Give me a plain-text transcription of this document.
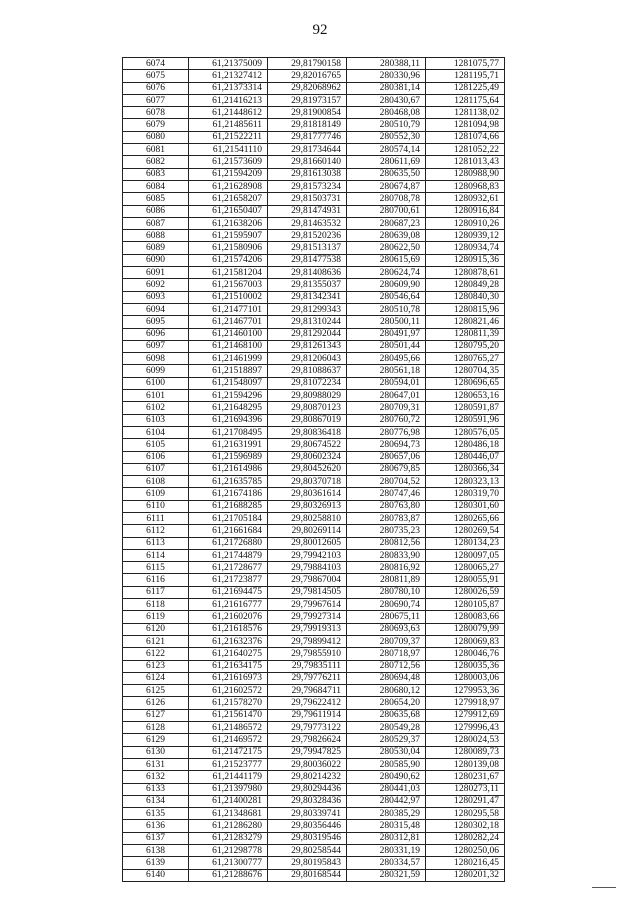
92
6074	61,21375009	29,81790158	280388,11	1281075,77
6075	61,21327412	29,82016765	280330,96	1281195,71
6076	61,21373314	29,82068962	280381,14	1281225,49
6077	61,21416213	29,81973157	280430,67	1281175,64
6078	61,21448612	29,81900854	280468,08	1281138,02
6079	61,21485611	29,81818149	280510,79	1281094,98
6080	61,21522211	29,81777746	280552,30	1281074,66
6081	61,21541110	29,81734644	280574,14	1281052,22
6082	61,21573609	29,81660140	280611,69	1281013,43
6083	61,21594209	29,81613038	280635,50	1280988,90
6084	61,21628908	29,81573234	280674,87	1280968,83
6085	61,21658207	29,81503731	280708,78	1280932,61
6086	61,21650407	29,81474931	280700,61	1280916,84
6087	61,21638206	29,81463532	280687,23	1280910,26
6088	61,21595907	29,81520236	280639,08	1280939,12
6089	61,21580906	29,81513137	280622,50	1280934,74
6090	61,21574206	29,81477538	280615,69	1280915,36
6091	61,21581204	29,81408636	280624,74	1280878,61
6092	61,21567003	29,81355037	280609,90	1280849,28
6093	61,21510002	29,81342341	280546,64	1280840,30
6094	61,21477101	29,81299343	280510,78	1280815,96
6095	61,21467701	29,81310244	280500,11	1280821,46
6096	61,21460100	29,81292044	280491,97	1280811,39
6097	61,21468100	29,81261343	280501,44	1280795,20
6098	61,21461999	29,81206043	280495,66	1280765,27
6099	61,21518897	29,81088637	280561,18	1280704,35
6100	61,21548097	29,81072234	280594,01	1280696,65
6101	61,21594296	29,80988029	280647,01	1280653,16
6102	61,21648295	29,80870123	280709,31	1280591,87
6103	61,21694396	29,80867019	280760,72	1280591,96
6104	61,21708495	29,80836418	280776,98	1280576,05
6105	61,21631991	29,80674522	280694,73	1280486,18
6106	61,21596989	29,80602324	280657,06	1280446,07
6107	61,21614986	29,80452620	280679,85	1280366,34
6108	61,21635785	29,80370718	280704,52	1280323,13
6109	61,21674186	29,80361614	280747,46	1280319,70
6110	61,21688285	29,80326913	280763,80	1280301,60
6111	61,21705184	29,80258810	280783,87	1280265,66
6112	61,21661684	29,80269114	280735,23	1280269,54
6113	61,21726880	29,80012605	280812,56	1280134,23
6114	61,21744879	29,79942103	280833,90	1280097,05
6115	61,21728677	29,79884103	280816,92	1280065,27
6116	61,21723877	29,79867004	280811,89	1280055,91
6117	61,21694475	29,79814505	280780,10	1280026,59
6118	61,21616777	29,79967614	280690,74	1280105,87
6119	61,21602076	29,79927314	280675,11	1280083,66
6120	61,21618576	29,79919313	280693,63	1280079,99
6121	61,21632376	29,79899412	280709,37	1280069,83
6122	61,21640275	29,79855910	280718,97	1280046,76
6123	61,21634175	29,79835111	280712,56	1280035,36
6124	61,21616973	29,79776211	280694,48	1280003,06
6125	61,21602572	29,79684711	280680,12	1279953,36
6126	61,21578270	29,79622412	280654,20	1279918,97
6127	61,21561470	29,79611914	280635,68	1279912,69
6128	61,21486572	29,79773122	280549,28	1279996,43
6129	61,21469572	29,79826624	280529,37	1280024,53
6130	61,21472175	29,79947825	280530,04	1280089,73
6131	61,21523777	29,80036022	280585,90	1280139,08
6132	61,21441179	29,80214232	280490,62	1280231,67
6133	61,21397980	29,80294436	280441,03	1280273,11
6134	61,21400281	29,80328436	280442,97	1280291,47
6135	61,21348681	29,80339741	280385,29	1280295,58
6136	61,21286280	29,80356446	280315,48	1280302,18
6137	61,21283279	29,80319546	280312,81	1280282,24
6138	61,21298778	29,80258544	280331,19	1280250,06
6139	61,21300777	29,80195843	280334,57	1280216,45
6140	61,21288676	29,80168544	280321,59	1280201,32
